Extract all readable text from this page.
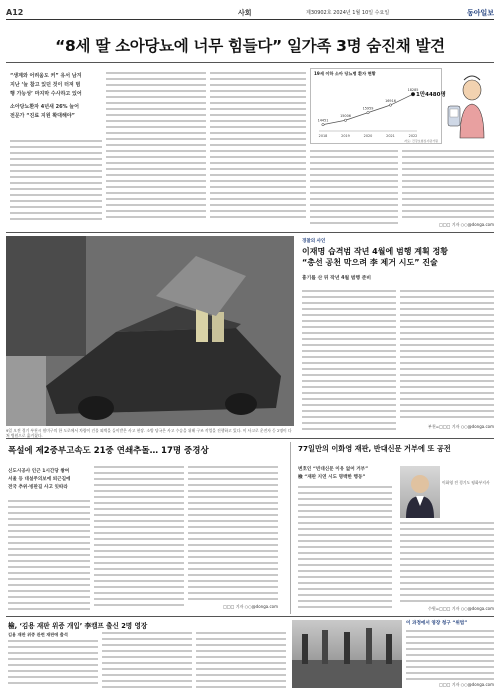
A12	사회	제30902호 2024년 1월 10일 수요일	동아일보
“8세 딸 소아당뇨에 너무 힘들다” 일가족 3명 숨진채 발견
“생계와 어려움도 커” 유서 남겨
지난 ‘늘 참고 있던 것이 터져 범
행 가능성’ 마지막 수사하고 있어
소아당뇨환자 4년새 26% 늘어
전문가 “진료 지원 확대해야”
19세 이하 소아 당뇨병 환자 현황
14451
2018
15006
2019
15959
2020
16916
2021
18285
2022
1만4480명
자료: 건강보험심사평가원
□□□ 기자 ○○@donga.com
9일 오전 경기 부천시 원미구의 한 도로에서 차량이 건물 외벽을 들이받은 사고 현장. 소방 당국은 사고 수습을 위해 구조 작업을 진행하고 있다. 이 사고로 운전자 등 2명이 다쳐 병원으로 옮겨졌다.
경찰의 사인
이재명 습격범 작년 4월에 범행 계획 정황
“총선 공천 막으려 李 제거 시도” 진술
흉기를 산 뒤 작년 4월 범행 준비
부천=□□□ 기자 ○○@donga.com
폭설에 제2중부고속도 21중 연쇄추돌… 17명 중경상
신도시공사 인근 1시간당 쌓여
서울 등 대설주의보에 퇴근길에
전국 추위·빙판길 사고 잇따라
□□□ 기자 ○○@donga.com
77일만의 이화영 재판, 반대신문 거부에 또 공전
변호인 “빈대신문 이유 없어 거부”
檢 “재판 지연 시도 명백한 행동”
이화영 전 경기도 평화부지사
수원=□□□ 기자 ○○@donga.com
檢, ‘김용 재판 위증 개입’ 李캠프 출신 2명 영장
김용 재판 위증 관련 재판에 출석
이 과정에서 영장 청구 “위법”
□□□ 기자 ○○@donga.com
